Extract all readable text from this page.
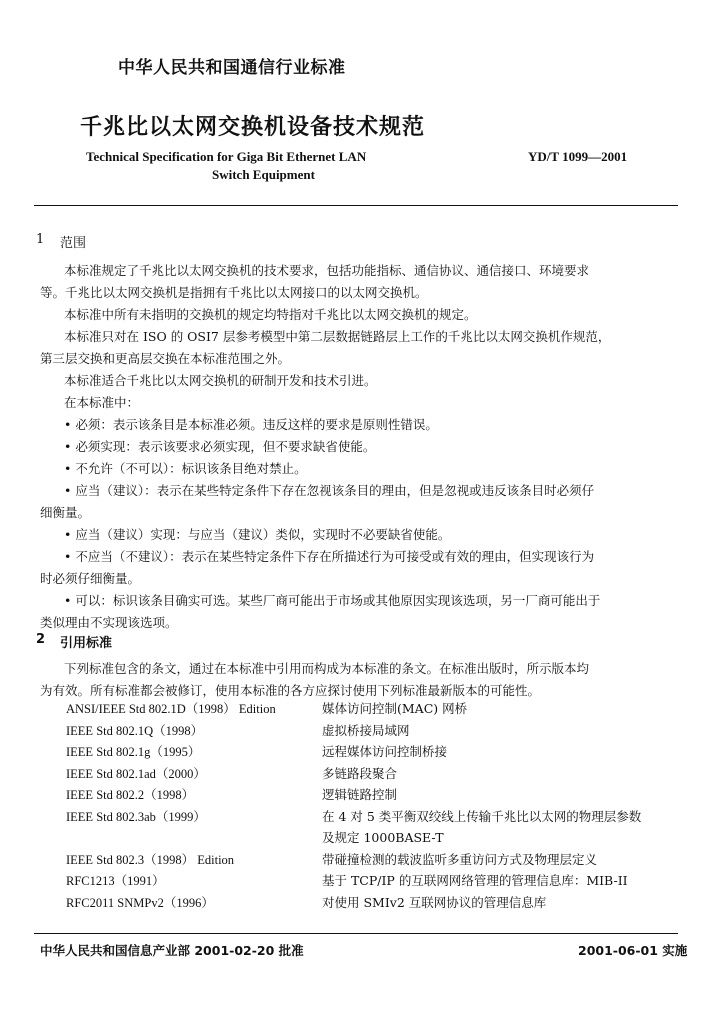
中华人民共和国通信行业标准
千兆比以太网交换机设备技术规范
Technical Specification for Giga Bit Ethernet LAN
Switch Equipment
YD/T 1099—2001
1 范围
本标准规定了千兆比以太网交换机的技术要求，包括功能指标、通信协议、通信接口、环境要求
等。千兆比以太网交换机是指拥有千兆比以太网接口的以太网交换机。
本标准中所有未指明的交换机的规定均特指对千兆比以太网交换机的规定。
本标准只对在 ISO 的 OSI7 层参考模型中第二层数据链路层上工作的千兆比以太网交换机作规范，
第三层交换和更高层交换在本标准范围之外。
本标准适合千兆比以太网交换机的研制开发和技术引进。
在本标准中：
• 必须：表示该条目是本标准必须。违反这样的要求是原则性错误。
• 必须实现：表示该要求必须实现，但不要求缺省使能。
• 不允许（不可以）：标识该条目绝对禁止。
• 应当（建议）：表示在某些特定条件下存在忽视该条目的理由，但是忽视或违反该条目时必须仔
细衡量。
• 应当（建议）实现：与应当（建议）类似，实现时不必要缺省使能。
• 不应当（不建议）：表示在某些特定条件下存在所描述行为可接受或有效的理由，但实现该行为
时必须仔细衡量。
• 可以：标识该条目确实可选。某些厂商可能出于市场或其他原因实现该选项，另一厂商可能出于
类似理由不实现该选项。
2 引用标准
下列标准包含的条文，通过在本标准中引用而构成为本标准的条文。在标准出版时，所示版本均
为有效。所有标准都会被修订，使用本标准的各方应探讨使用下列标准最新版本的可能性。
ANSI/IEEE Std 802.1D（1998） Edition	媒体访问控制(MAC) 网桥
IEEE Std 802.1Q（1998）	虚拟桥接局域网
IEEE Std 802.1g（1995）	远程媒体访问控制桥接
IEEE Std 802.1ad（2000）	多链路段聚合
IEEE Std 802.2（1998）	逻辑链路控制
IEEE Std 802.3ab（1999）	在 4 对 5 类平衡双绞线上传输千兆比以太网的物理层参数
及规定 1000BASE-T
IEEE Std 802.3（1998） Edition	带碰撞检测的载波监听多重访问方式及物理层定义
RFC1213（1991）	基于 TCP/IP 的互联网网络管理的管理信息库：MIB-II
RFC2011 SNMPv2（1996）	对使用 SMIv2 互联网协议的管理信息库
中华人民共和国信息产业部 2001-02-20 批准	2001-06-01 实施
